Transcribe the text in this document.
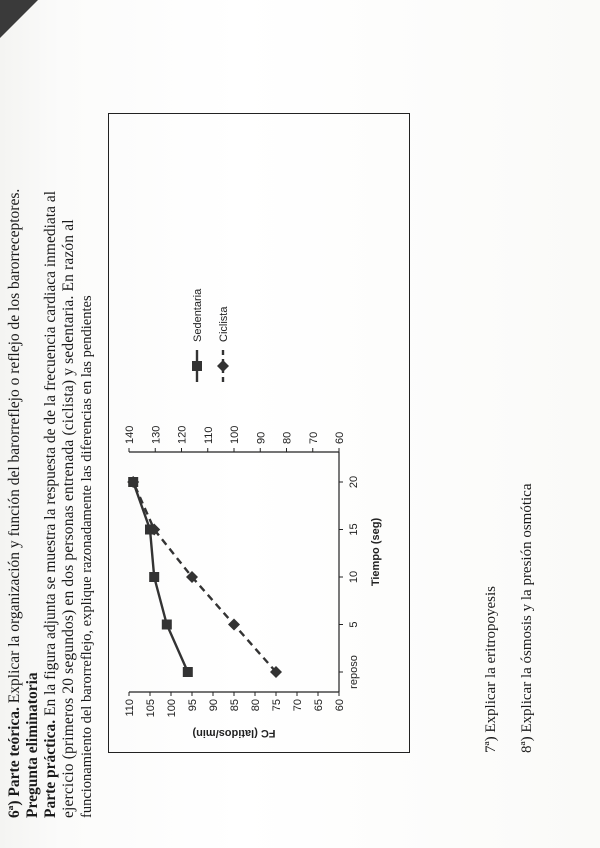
6ª) Parte teórica. Explicar la organización y función del barorreflejo o reflejo de los barorreceptores.
Pregunta eliminatoria Parte práctica. En la figura adjunta se muestra la respuesta de de la frecuencia cardiaca inmediata al ejercicio (primeros 20 segundos) en dos personas entrenada (ciclista) y sedentaria. En razón al funcionamiento del barorreflejo, explique razonadamente las diferencias en las pendientes	60
65
70
75
80
85
90
95
100
105
110
60
70
80
90
100
110
120
130
140
reposo
5
10
15
20
Tiempo (seg)
FC (latidos/min)
Sedentaria Ciclista
7ª) Explicar la eritropoyesis 8ª) Explicar la ósmosis y la presión osmótica
